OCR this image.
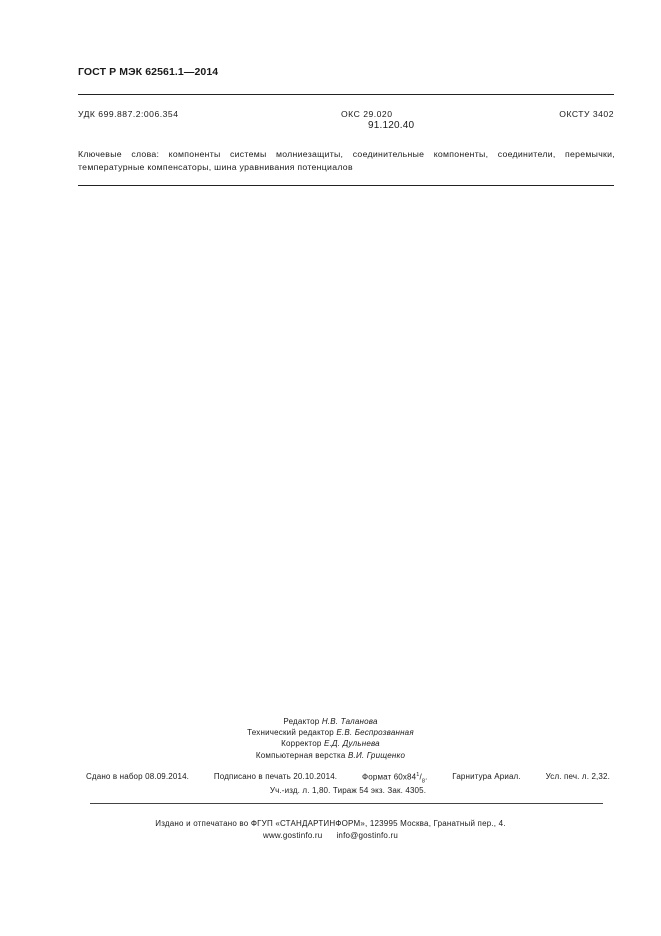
ГОСТ Р МЭК 62561.1—2014
УДК 699.887.2:006.354	ОКС 29.020
91.120.40
ОКСТУ 3402
Ключевые слова: компоненты системы молниезащиты, соединительные компоненты, соединители, перемычки,
температурные компенсаторы, шина уравнивания потенциалов
Редактор Н.В. Таланова
Технический редактор Е.В. Беспрозванная
Корректор Е.Д. Дульнева
Компьютерная верстка В.И. Грищенко
Сдано в набор 08.09.2014.	Подписано в печать 20.10.2014.	Формат $60x84^1/_8$.	Гарнитура Ариал.	Усл. печ. л. 2,32.
Уч.-изд. л. 1,80. Тираж 54 экз. Зак. 4305.
Издано и отпечатано во ФГУП «СТАНДАРТИНФОРМ», 123995 Москва, Гранатный пер., 4.
www.gostinfo.ru info@gostinfo.ru
